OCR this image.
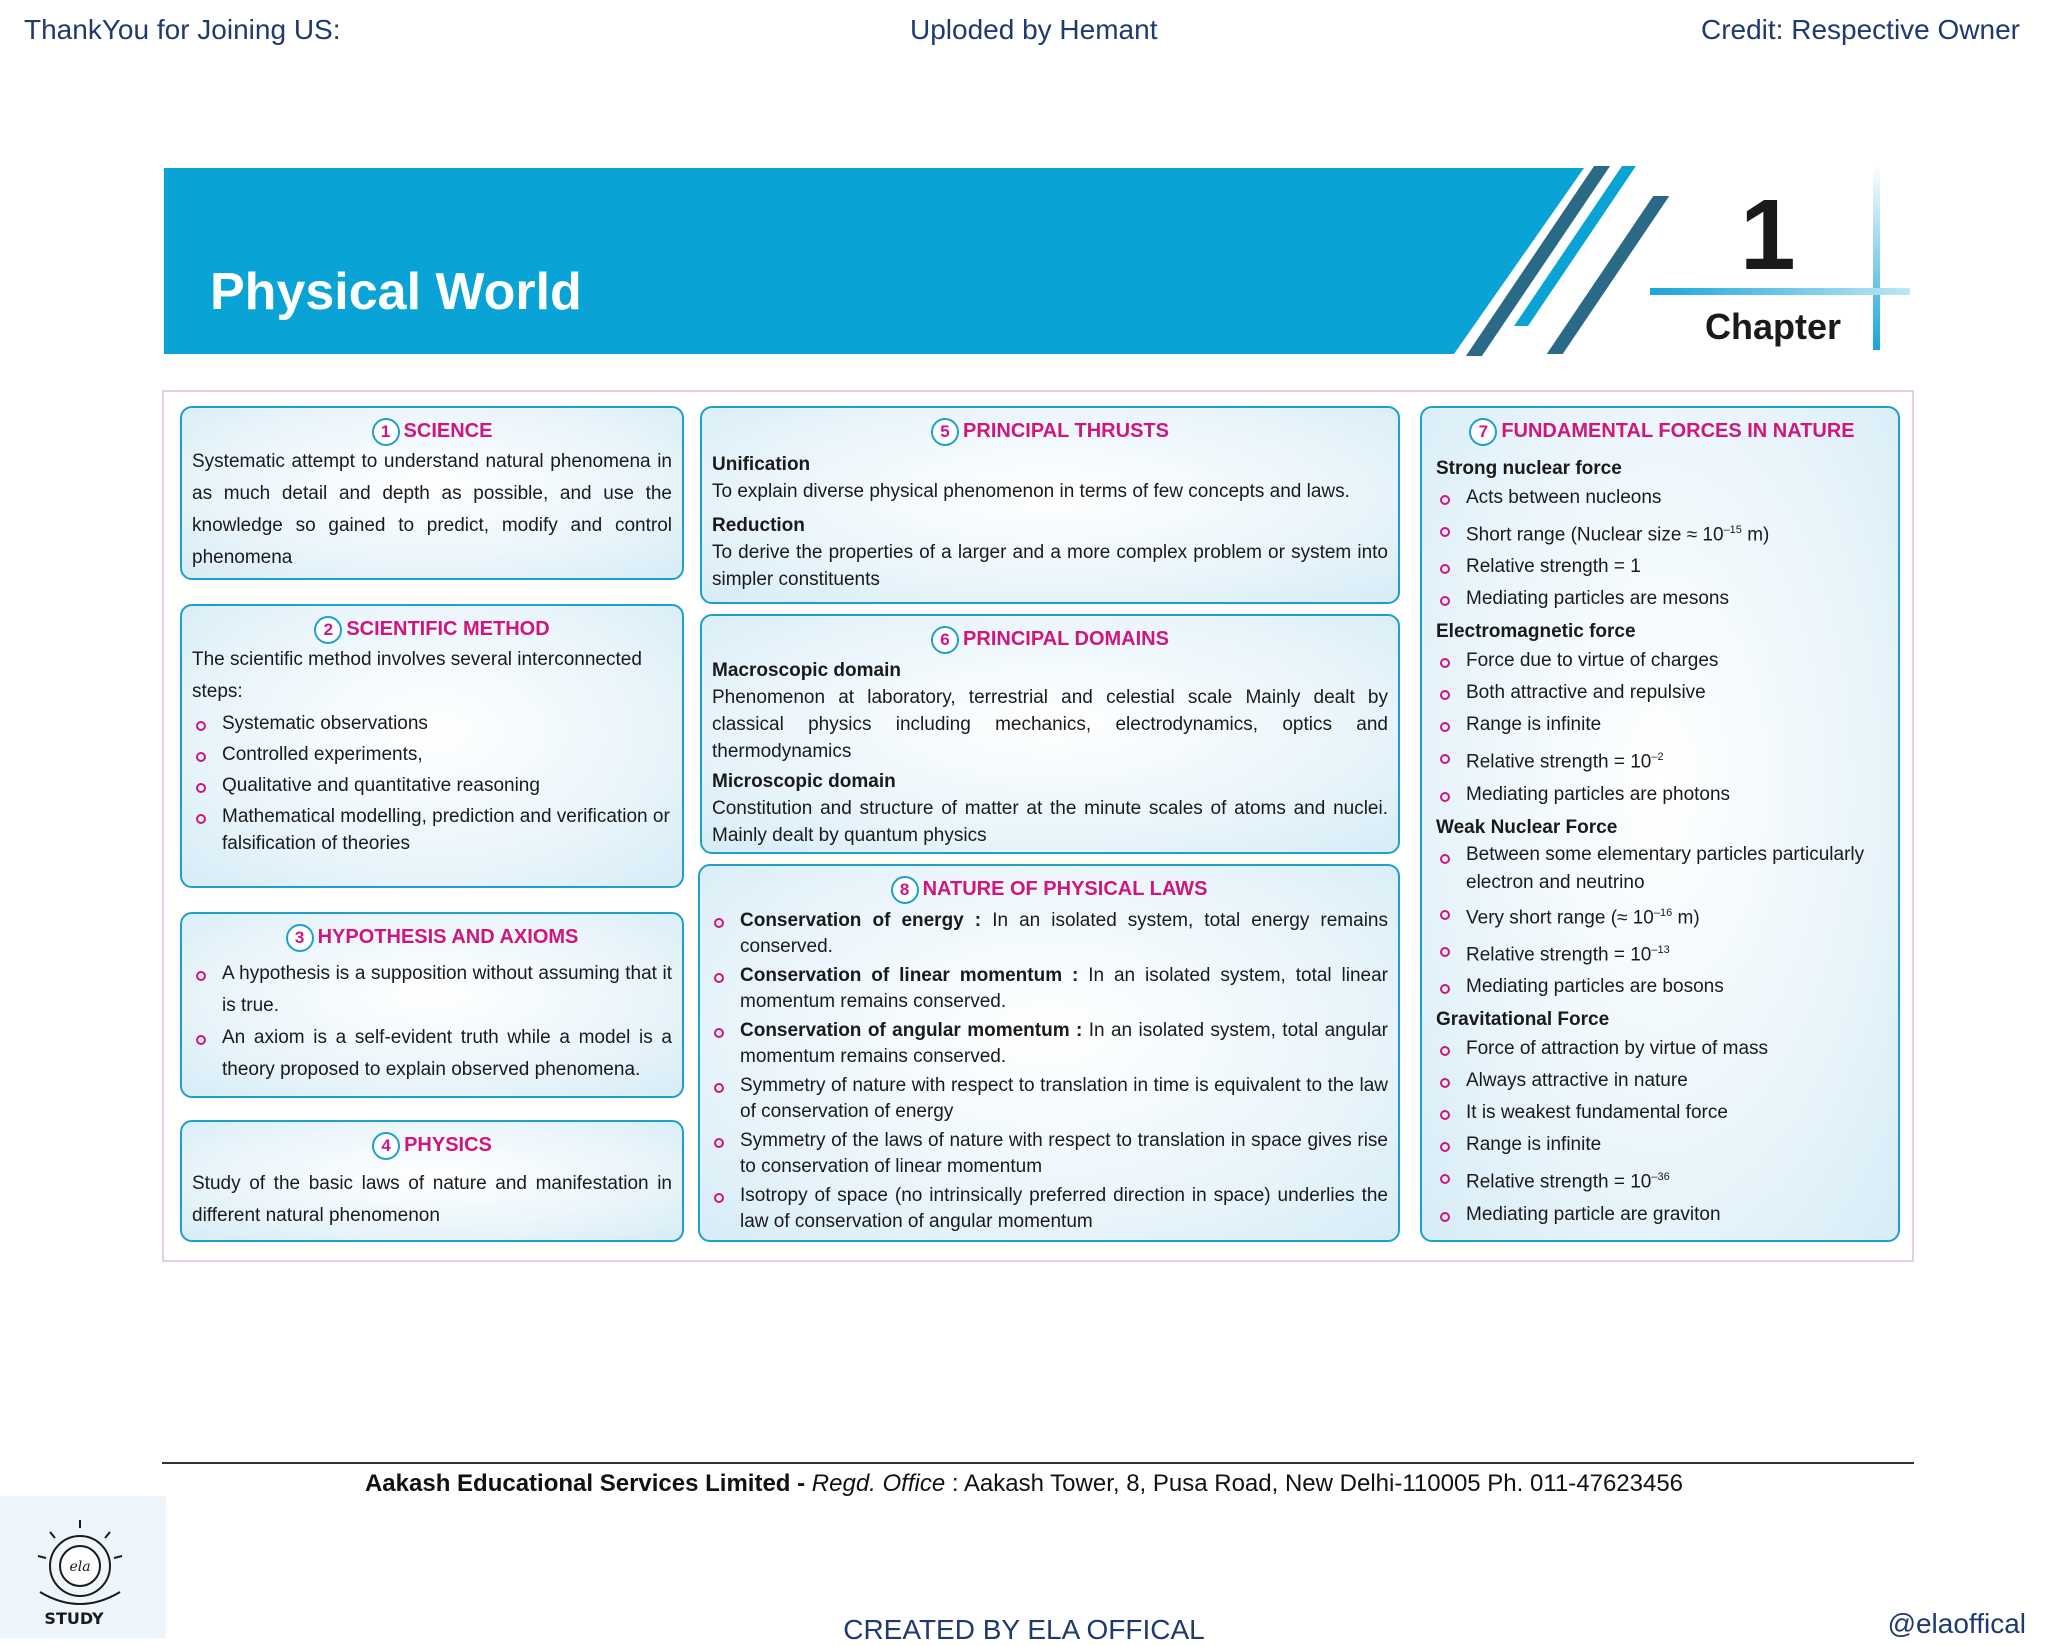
ThankYou for Joining US:	Uploded by Hemant	Credit: Respective Owner
Physical World
1
Chapter
1 SCIENCE
Systematic attempt to understand natural phenomena in as much detail and depth as possible, and use the knowledge so gained to predict, modify and control phenomena
2 SCIENTIFIC METHOD
The scientific method involves several interconnected steps:
Systematic observations
Controlled experiments,
Qualitative and quantitative reasoning
Mathematical modelling, prediction and verification or falsification of theories
3 HYPOTHESIS AND AXIOMS
A hypothesis is a supposition without assuming that it is true.
An axiom is a self-evident truth while a model is a theory proposed to explain observed phenomena.
4 PHYSICS
Study of the basic laws of nature and manifestation in different natural phenomenon
5 PRINCIPAL THRUSTS
Unification
To explain diverse physical phenomenon in terms of few concepts and laws.
Reduction
To derive the properties of a larger and a more complex problem or system into simpler constituents
6 PRINCIPAL DOMAINS
Macroscopic domain
Phenomenon at laboratory, terrestrial and celestial scale Mainly dealt by classical physics including mechanics, electrodynamics, optics and thermodynamics
Microscopic domain
Constitution and structure of matter at the minute scales of atoms and nuclei. Mainly dealt by quantum physics
8 NATURE OF PHYSICAL LAWS
Conservation of energy : In an isolated system, total energy remains conserved.
Conservation of linear momentum : In an isolated system, total linear momentum remains conserved.
Conservation of angular momentum : In an isolated system, total angular momentum remains conserved.
Symmetry of nature with respect to translation in time is equivalent to the law of conservation of energy
Symmetry of the laws of nature with respect to translation in space gives rise to conservation of linear momentum
Isotropy of space (no intrinsically preferred direction in space) underlies the law of conservation of angular momentum
7 FUNDAMENTAL FORCES IN NATURE
Strong nuclear force
Acts between nucleons
Short range (Nuclear size ≈ $10^{-15}$ m)
Relative strength = 1
Mediating particles are mesons
Electromagnetic force
Force due to virtue of charges
Both attractive and repulsive
Range is infinite
Relative strength = $10^{-2}$
Mediating particles are photons
Weak Nuclear Force
Between some elementary particles particularly electron and neutrino
Very short range (≈ $10^{-16}$ m)
Relative strength = $10^{-13}$
Mediating particles are bosons
Gravitational Force
Force of attraction by virtue of mass
Always attractive in nature
It is weakest fundamental force
Range is infinite
Relative strength = $10^{-36}$
Mediating particle are graviton
Aakash Educational Services Limited - Regd. Office : Aakash Tower, 8, Pusa Road, New Delhi-110005 Ph. 011-47623456
ela
STUDY	CREATED BY ELA OFFICAL	@elaoffical
